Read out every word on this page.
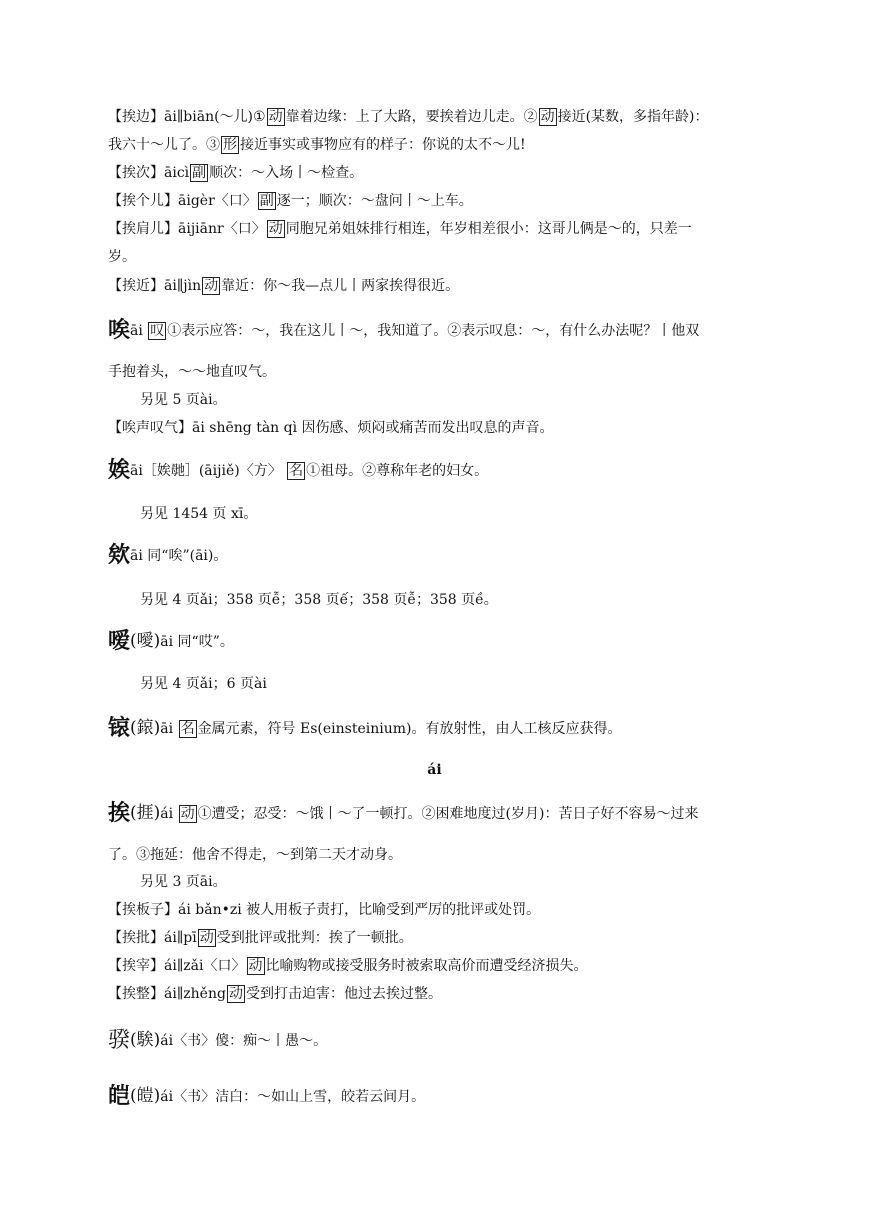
【挨边】āi∥biān(～儿)① 动 靠着边缘：上了大路，要挨着边儿走。② 动 接近(某数，多指年龄)：
我六十～儿了。③ 形 接近事实或事物应有的样子：你说的太不～儿!
【挨次】āicì 副 顺次：～入场丨～检查。
【挨个儿】āigèr〈口〉 副 逐一；顺次：～盘问丨～上车。
【挨肩儿】āijiānr〈口〉 动 同胞兄弟姐妹排行相连，年岁相差很小：这哥儿俩是～的，只差一
岁。
【挨近】āi∥jìn 动 靠近：你～我—点儿丨两家挨得很近。
唉āi 叹 ①表示应答：～，我在这儿丨～，我知道了。②表示叹息：～，有什么办法呢？丨他双
手抱着头，～～地直叹气。
另见 5 页ài。
【唉声叹气】āi shēng tàn qì 因伤感、烦闷或痛苦而发出叹息的声音。
娭āi［娭毑］(āijiě)〈方〉 名 ①祖母。②尊称年老的妇女。
另见 1454 页 xī。
欸āi 同“唉”(āi)。
另见 4 页ǎi；358 页ễ；358 页ế；358 页ễ；358 页ề。
嗳(噯)āi 同“哎”。
另见 4 页ǎi；6 页ài
锿(鎄)āi 名 金属元素，符号 Es(einsteinium)。有放射性，由人工核反应获得。
ái
挨(捱)ái 动 ①遭受；忍受：～饿丨～了一顿打。②困难地度过(岁月)：苦日子好不容易～过来
了。③拖延：他舍不得走，～到第二天才动身。
另见 3 页āi。
【挨板子】ái bǎn•zi 被人用板子责打，比喻受到严厉的批评或处罚。
【挨批】ái∥pī 动 受到批评或批判：挨了一顿批。
【挨宰】ái∥zǎi〈口〉 动 比喻购物或接受服务时被索取高价而遭受经济损失。
【挨整】ái∥zhěng 动 受到打击迫害：他过去挨过整。
骙(騃)ái〈书〉傻：痴～丨愚～。
皑(皚)ái〈书〉洁白：～如山上雪，皎若云间月。
